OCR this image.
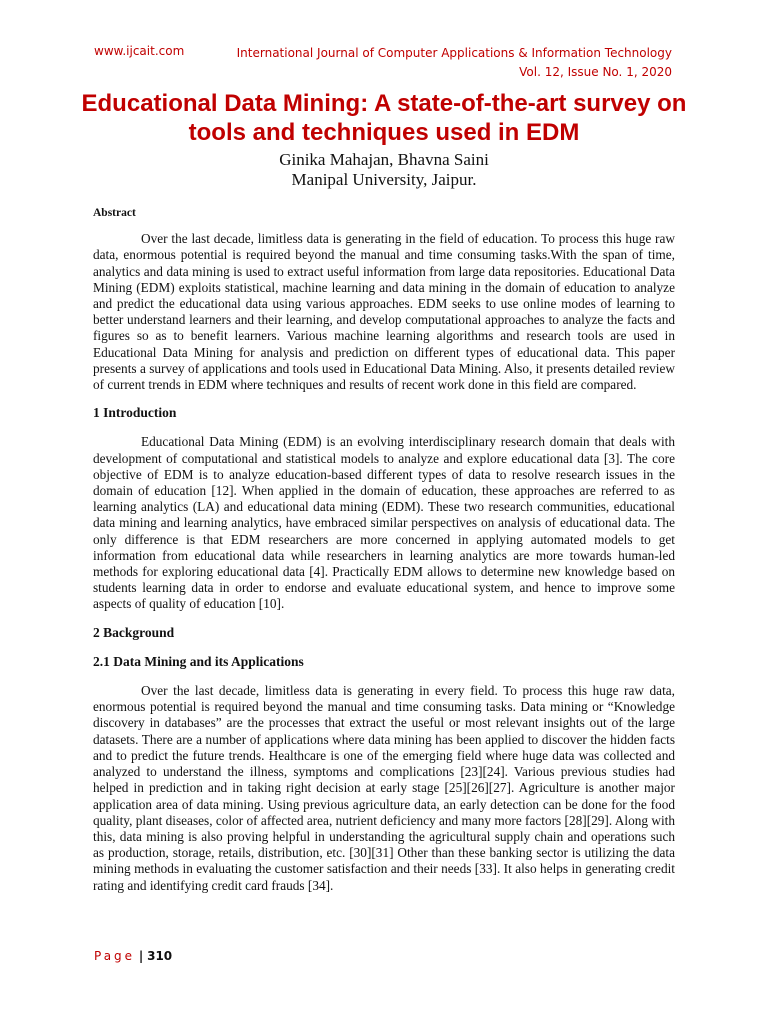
www.ijcait.com	International Journal of Computer Applications & Information Technology
Vol. 12, Issue No. 1, 2020
Educational Data Mining: A state-of-the-art survey on tools and techniques used in EDM
Ginika Mahajan, Bhavna Saini
Manipal University, Jaipur.
Abstract

Over the last decade, limitless data is generating in the field of education. To process this huge raw data, enormous potential is required beyond the manual and time consuming tasks.With the span of time, analytics and data mining is used to extract useful information from large data repositories. Educational Data Mining (EDM) exploits statistical, machine learning and data mining in the domain of education to analyze and predict the educational data using various approaches. EDM seeks to use online modes of learning to better understand learners and their learning, and develop computational approaches to analyze the facts and figures so as to benefit learners. Various machine learning algorithms and research tools are used in Educational Data Mining for analysis and prediction on different types of educational data. This paper presents a survey of applications and tools used in Educational Data Mining. Also, it presents detailed review of current trends in EDM where techniques and results of recent work done in this field are compared.

1 Introduction

Educational Data Mining (EDM) is an evolving interdisciplinary research domain that deals with development of computational and statistical models to analyze and explore educational data [3]. The core objective of EDM is to analyze education-based different types of data to resolve research issues in the domain of education [12]. When applied in the domain of education, these approaches are referred to as learning analytics (LA) and educational data mining (EDM). These two research communities, educational data mining and learning analytics, have embraced similar perspectives on analysis of educational data. The only difference is that EDM researchers are more concerned in applying automated models to get information from educational data while researchers in learning analytics are more towards human-led methods for exploring educational data [4]. Practically EDM allows to determine new knowledge based on students learning data in order to endorse and evaluate educational system, and hence to improve some aspects of quality of education [10].

2 Background
2.1 Data Mining and its Applications

Over the last decade, limitless data is generating in every field. To process this huge raw data, enormous potential is required beyond the manual and time consuming tasks. Data mining or “Knowledge discovery in databases” are the processes that extract the useful or most relevant insights out of the large datasets. There are a number of applications where data mining has been applied to discover the hidden facts and to predict the future trends. Healthcare is one of the emerging field where huge data was collected and analyzed to understand the illness, symptoms and complications [23][24]. Various previous studies had helped in prediction and in taking right decision at early stage [25][26][27]. Agriculture is another major application area of data mining. Using previous agriculture data, an early detection can be done for the food quality, plant diseases, color of affected area, nutrient deficiency and many more factors [28][29]. Along with this, data mining is also proving helpful in understanding the agricultural supply chain and operations such as production, storage, retails, distribution, etc. [30][31] Other than these banking sector is utilizing the data mining methods in evaluating the customer satisfaction and their needs [33]. It also helps in generating credit rating and identifying credit card frauds [34].

Page | 310
